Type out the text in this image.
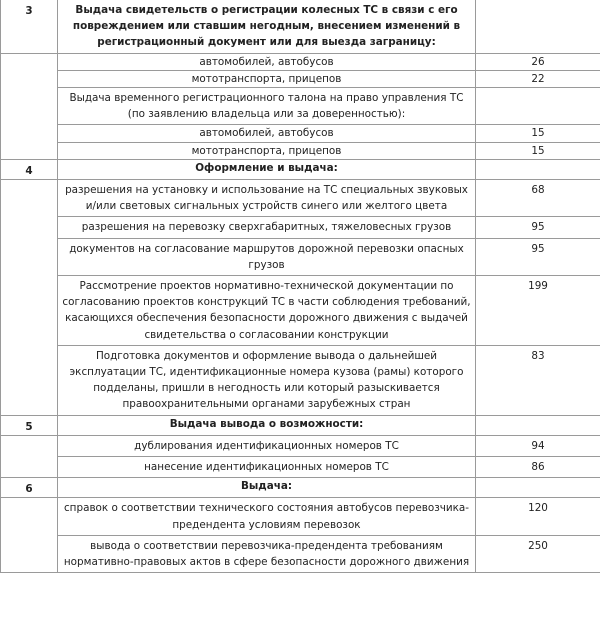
3	Выдача свидетельств о регистрации колесных ТС в связи с его повреждением или ставшим негодным, внесением изменений в регистрационный документ или для выезда заграницу:	
	автомобилей, автобусов	26
	мототранспорта, прицепов	22
	Выдача временного регистрационного талона на право управления ТС (по заявлению владельца или за доверенностью):	
	автомобилей, автобусов	15
	мототранспорта, прицепов	15
4	Оформление и выдача:	
	разрешения на установку и использование на ТС специальных звуковых и/или световых сигнальных устройств синего или желтого цвета	68
	разрешения на перевозку сверхгабаритных, тяжеловесных грузов	95
	документов на согласование маршрутов дорожной перевозки опасных грузов	95
	Рассмотрение проектов нормативно-технической документации по согласованию проектов конструкций ТС в части соблюдения требований, касающихся обеспечения безопасности дорожного движения с выдачей свидетельства о согласовании конструкции	199
	Подготовка документов и оформление вывода о дальнейшей эксплуатации ТС, идентификационные номера кузова (рамы) которого подделаны, пришли в негодность или который разыскивается правоохранительными органами зарубежных стран	83
5	Выдача вывода о возможности:	
	дублирования идентификационных номеров ТС	94
	нанесение идентификационных номеров ТС	86
6	Выдача:	
	справок о соответствии технического состояния автобусов перевозчика-предендента условиям перевозок	120
	вывода о соответствии перевозчика-предендента требованиям нормативно-правовых актов в сфере безопасности дорожного движения	250
